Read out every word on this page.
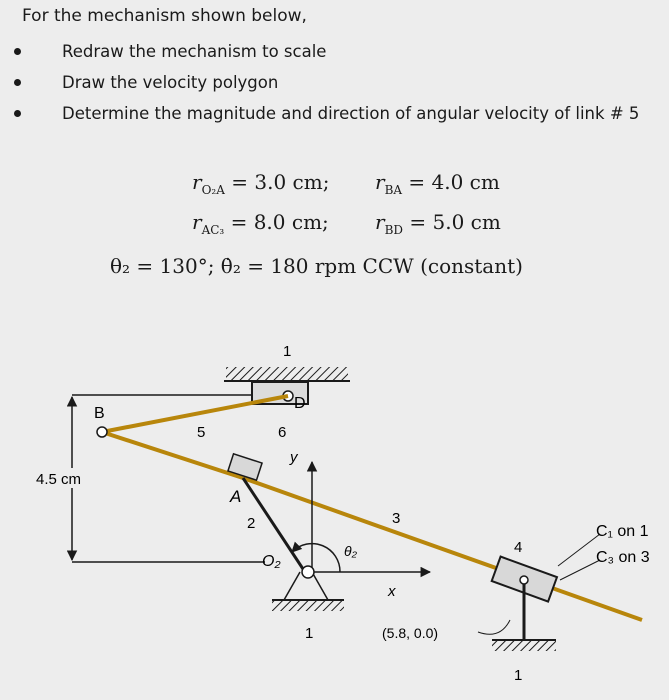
For the mechanism shown below,
Redraw the mechanism to scale
Draw the velocity polygon
Determine the magnitude and direction of angular velocity of link # 5
$r_{O_2A} = 3.0$ cm; $r_{BA} = 4.0$ cm
$r_{AC_3} = 8.0$ cm; $r_{BD} = 5.0$ cm
θ₂ = 130°; θ̇₂ = 180 rpm CCW (constant)
1
D
4.5 cm
B
5	6
A
2
y
x
θ₂
O₂
1
3
4
1
C₁ on 1
C₃ on 3
(5.8, 0.0)
